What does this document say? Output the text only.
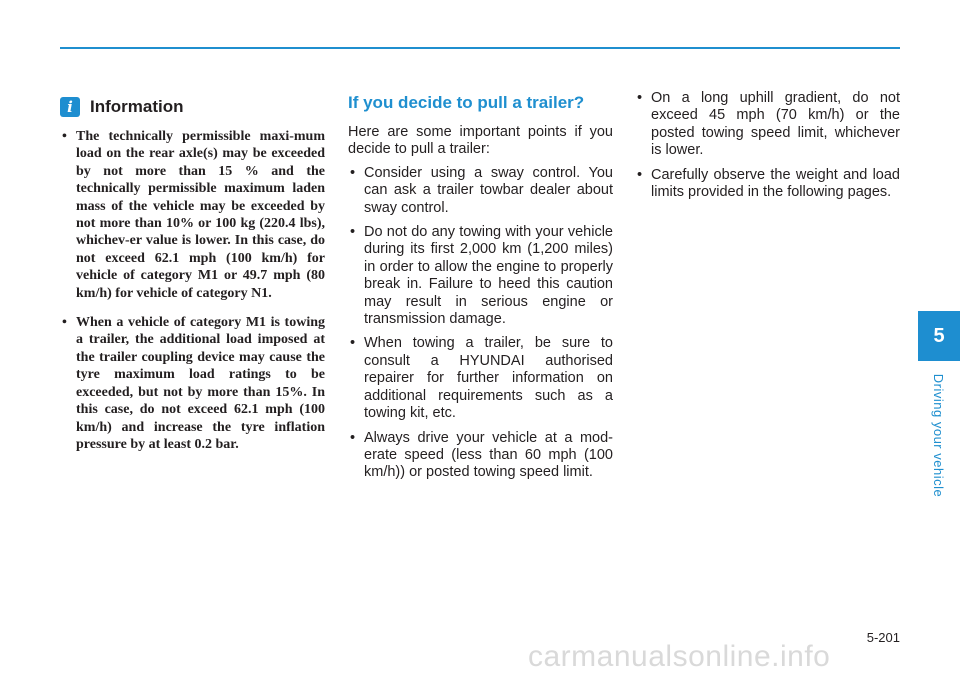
i	Information
• The technically permissible maxi-mum load on the rear axle(s) may be exceeded by not more than 15 % and the technically permissible maximum laden mass of the vehicle may be exceeded by not more than 10% or 100 kg (220.4 lbs), whichev-er value is lower. In this case, do not exceed 62.1 mph (100 km/h) for vehicle of category M1 or 49.7 mph (80 km/h) for vehicle of category N1.
• When a vehicle of category M1 is towing a trailer, the additional load imposed at the trailer coupling device may cause the tyre maximum load ratings to be exceeded, but not by more than 15%. In this case, do not exceed 62.1 mph (100 km/h) and increase the tyre inflation pressure by at least 0.2 bar.
If you decide to pull a trailer?

Here are some important points if you decide to pull a trailer:

• Consider using a sway control. You can ask a trailer towbar dealer about sway control.
• Do not do any towing with your vehicle during its first 2,000 km (1,200 miles) in order to allow the engine to properly break in. Failure to heed this caution may result in serious engine or transmission damage.
• When towing a trailer, be sure to consult a HYUNDAI authorised repairer for further information on additional requirements such as a towing kit, etc.
• Always drive your vehicle at a mod-erate speed (less than 60 mph (100 km/h)) or posted towing speed limit.
• On a long uphill gradient, do not exceed 45 mph (70 km/h) or the posted towing speed limit, whichever is lower.
• Carefully observe the weight and load limits provided in the following pages.
5
Driving your vehicle
5-201
carmanualsonline.info
